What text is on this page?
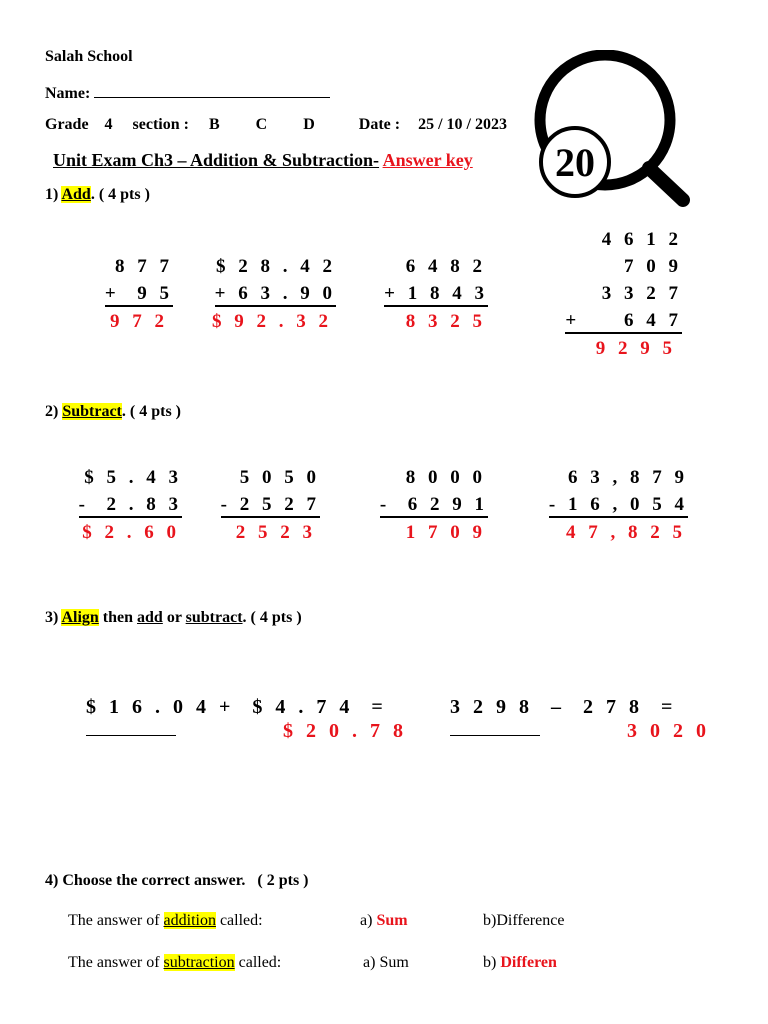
Salah School
Name:
Grade 4 section : B C D	Date : 25 / 10 / 2023
Unit Exam Ch3 – Addition & Subtraction- Answer key 20
1) Add. ( 4 pts )
8 7 7
+  9 5
9 7 2
$ 2 8 . 4 2
+ 6 3 . 9 0
$ 9 2 . 3 2
6 4 8 2
+ 1 8 4 3
8 3 2 5
4 6 1 2
7 0 9
3 3 2 7
+     6 4 7
9 2 9 5
2) Subtract. ( 4 pts )
$ 5 . 4 3
-  2 . 8 3
$ 2 . 6 0
5 0 5 0
- 2 5 2 7
2 5 2 3
8 0 0 0
-  6 2 9 1
1 7 0 9
6 3 , 8 7 9
- 1 6 , 0 5 4
4 7 , 8 2 5
3) Align then add or subtract. ( 4 pts )

$ 1 6 . 0 4 +  $ 4 . 7 4  =

$ 2 0 . 7 8

3 2 9 8  –  2 7 8  =

3 0 2 0
4) Choose the correct answer.   ( 2 pts )
The answer of addition called:	a) Sum	b)Difference
The answer of subtraction called:	a) Sum	b) Differen
